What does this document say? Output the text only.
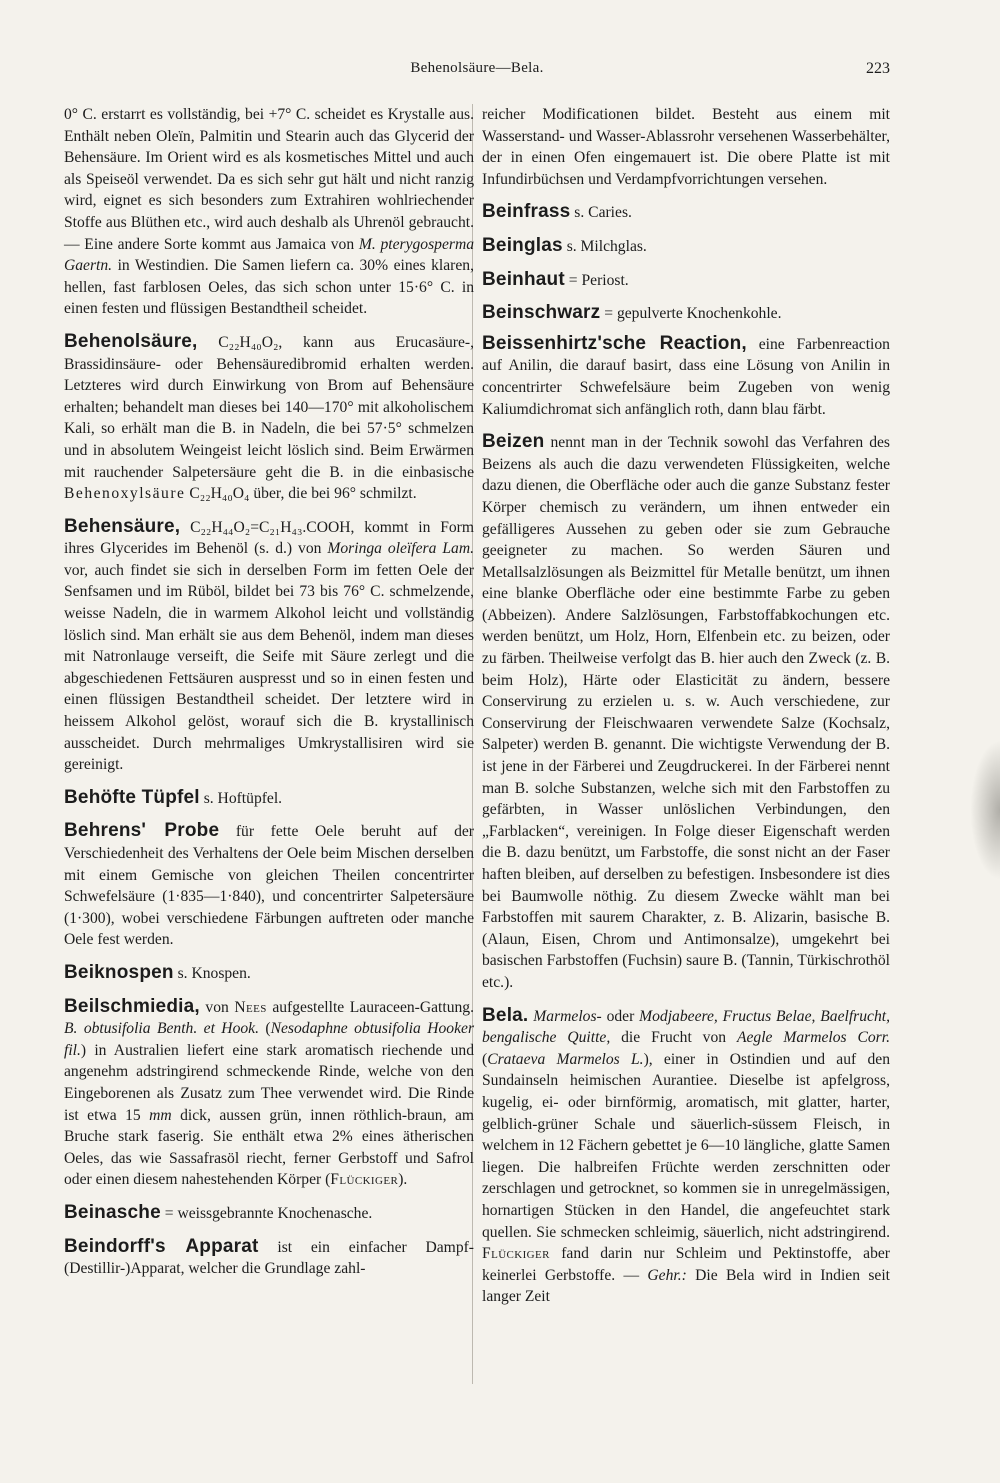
Behenolsäure—Bela.	223

0° C. erstarrt es vollständig, bei +7° C. scheidet es Krystalle aus. Enthält neben Oleïn, Palmitin und Stearin auch das Glycerid der Behensäure. Im Orient wird es als kosmetisches Mittel und auch als Speiseöl verwendet. Da es sich sehr gut hält und nicht ranzig wird, eignet es sich besonders zum Extrahiren wohlriechender Stoffe aus Blüthen etc., wird auch deshalb als Uhrenöl gebraucht. — Eine andere Sorte kommt aus Jamaica von M. pterygosperma Gaertn. in Westindien. Die Samen liefern ca. 30% eines klaren, hellen, fast farblosen Oeles, das sich schon unter 15·6° C. in einen festen und flüssigen Bestandtheil scheidet.

Behenolsäure, C₂₂H₄₀O₂, kann aus Erucasäure-, Brassidinsäure- oder Behensäuredibromid erhalten werden. Letzteres wird durch Einwirkung von Brom auf Behensäure erhalten; behandelt man dieses bei 140—170° mit alkoholischem Kali, so erhält man die B. in Nadeln, die bei 57·5° schmelzen und in absolutem Weingeist leicht löslich sind. Beim Erwärmen mit rauchender Salpetersäure geht die B. in die einbasische Behenoxylsäure C₂₂H₄₀O₄ über, die bei 96° schmilzt.

Behensäure, C₂₂H₄₄O₂=C₂₁H₄₃.COOH, kommt in Form ihres Glycerides im Behenöl (s. d.) von Moringa oleïfera Lam. vor, auch findet sie sich in derselben Form im fetten Oele der Senfsamen und im Rüböl, bildet bei 73 bis 76° C. schmelzende, weisse Nadeln, die in warmem Alkohol leicht und vollständig löslich sind. Man erhält sie aus dem Behenöl, indem man dieses mit Natronlauge verseift, die Seife mit Säure zerlegt und die abgeschiedenen Fettsäuren auspresst und so in einen festen und einen flüssigen Bestandtheil scheidet. Der letztere wird in heissem Alkohol gelöst, worauf sich die B. krystallinisch ausscheidet. Durch mehrmaliges Umkrystallisiren wird sie gereinigt.

Behöfte Tüpfel s. Hoftüpfel.

Behrens' Probe für fette Oele beruht auf der Verschiedenheit des Verhaltens der Oele beim Mischen derselben mit einem Gemische von gleichen Theilen concentrirter Schwefelsäure (1·835—1·840), und concentrirter Salpetersäure (1·300), wobei verschiedene Färbungen auftreten oder manche Oele fest werden.

Beiknospen s. Knospen.

Beilschmiedia, von Nees aufgestellte Lauraceen-Gattung. B. obtusifolia Benth. et Hook. (Nesodaphne obtusifolia Hooker fil.) in Australien liefert eine stark aromatisch riechende und angenehm adstringirend schmeckende Rinde, welche von den Eingeborenen als Zusatz zum Thee verwendet wird. Die Rinde ist etwa 15 mm dick, aussen grün, innen röthlich-braun, am Bruche stark faserig. Sie enthält etwa 2% eines ätherischen Oeles, das wie Sassafrasöl riecht, ferner Gerbstoff und Safrol oder einen diesem nahestehenden Körper (Flückiger).

Beinasche = weissgebrannte Knochenasche.

Beindorff's Apparat ist ein einfacher Dampf-(Destillir-)Apparat, welcher die Grundlage zahl-

reicher Modificationen bildet. Besteht aus einem mit Wasserstand- und Wasser-Ablassrohr versehenen Wasserbehälter, der in einen Ofen eingemauert ist. Die obere Platte ist mit Infundirbüchsen und Verdampfvorrichtungen versehen.

Beinfrass s. Caries.

Beinglas s. Milchglas.

Beinhaut = Periost.

Beinschwarz = gepulverte Knochenkohle.

Beissenhirtz'sche Reaction, eine Farbenreaction auf Anilin, die darauf basirt, dass eine Lösung von Anilin in concentrirter Schwefelsäure beim Zugeben von wenig Kaliumdichromat sich anfänglich roth, dann blau färbt.

Beizen nennt man in der Technik sowohl das Verfahren des Beizens als auch die dazu verwendeten Flüssigkeiten, welche dazu dienen, die Oberfläche oder auch die ganze Substanz fester Körper chemisch zu verändern, um ihnen entweder ein gefälligeres Aussehen zu geben oder sie zum Gebrauche geeigneter zu machen. So werden Säuren und Metallsalzlösungen als Beizmittel für Metalle benützt, um ihnen eine blanke Oberfläche oder eine bestimmte Farbe zu geben (Abbeizen). Andere Salzlösungen, Farbstoffabkochungen etc. werden benützt, um Holz, Horn, Elfenbein etc. zu beizen, oder zu färben. Theilweise verfolgt das B. hier auch den Zweck (z. B. beim Holz), Härte oder Elasticität zu ändern, bessere Conservirung zu erzielen u. s. w. Auch verschiedene, zur Conservirung der Fleischwaaren verwendete Salze (Kochsalz, Salpeter) werden B. genannt. Die wichtigste Verwendung der B. ist jene in der Färberei und Zeugdruckerei. In der Färberei nennt man B. solche Substanzen, welche sich mit den Farbstoffen zu gefärbten, in Wasser unlöslichen Verbindungen, den „Farblacken“, vereinigen. In Folge dieser Eigenschaft werden die B. dazu benützt, um Farbstoffe, die sonst nicht an der Faser haften bleiben, auf derselben zu befestigen. Insbesondere ist dies bei Baumwolle nöthig. Zu diesem Zwecke wählt man bei Farbstoffen mit saurem Charakter, z. B. Alizarin, basische B. (Alaun, Eisen, Chrom und Antimonsalze), umgekehrt bei basischen Farbstoffen (Fuchsin) saure B. (Tannin, Türkischrothöl etc.).

Bela. Marmelos- oder Modjabeere, Fructus Belae, Baelfrucht, bengalische Quitte, die Frucht von Aegle Marmelos Corr. (Crataeva Marmelos L.), einer in Ostindien und auf den Sundainseln heimischen Aurantiee. Dieselbe ist apfelgross, kugelig, ei- oder birnförmig, aromatisch, mit glatter, harter, gelblich-grüner Schale und säuerlich-süssem Fleisch, in welchem in 12 Fächern gebettet je 6—10 längliche, glatte Samen liegen. Die halbreifen Früchte werden zerschnitten oder zerschlagen und getrocknet, so kommen sie in unregelmässigen, hornartigen Stücken in den Handel, die angefeuchtet stark quellen. Sie schmecken schleimig, säuerlich, nicht adstringirend. Flückiger fand darin nur Schleim und Pektinstoffe, aber keinerlei Gerbstoffe. — Gehr.: Die Bela wird in Indien seit langer Zeit
